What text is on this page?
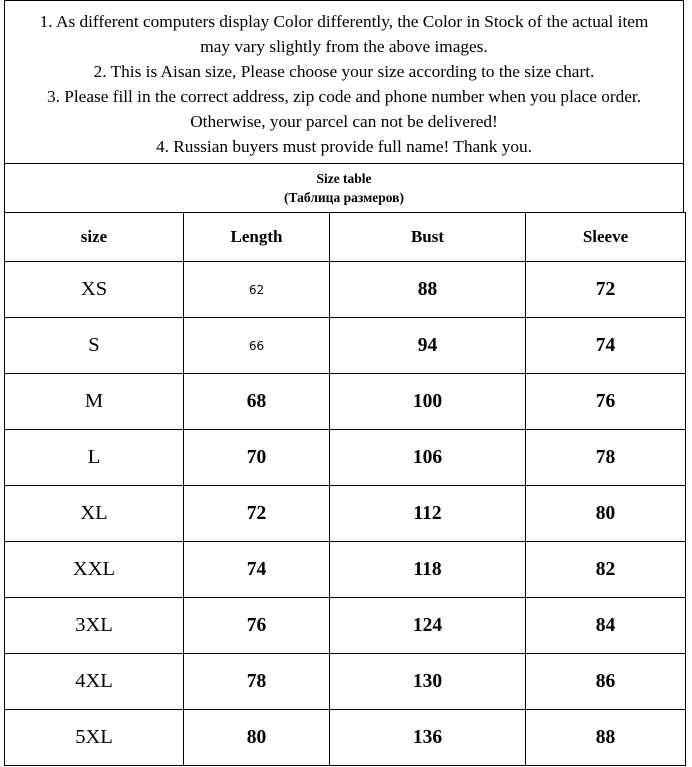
1. As different computers display Color differently, the Color in Stock of the actual item
may vary slightly from the above images.
2. This is Aisan size, Please choose your size according to the size chart.
3. Please fill in the correct address, zip code and phone number when you place order.
Otherwise, your parcel can not be delivered!
4. Russian buyers must provide full name! Thank you.
Size table
(Таблица размеров)
size	Length	Bust	Sleeve
XS	62	88	72
S	66	94	74
M	68	100	76
L	70	106	78
XL	72	112	80
XXL	74	118	82
3XL	76	124	84
4XL	78	130	86
5XL	80	136	88
